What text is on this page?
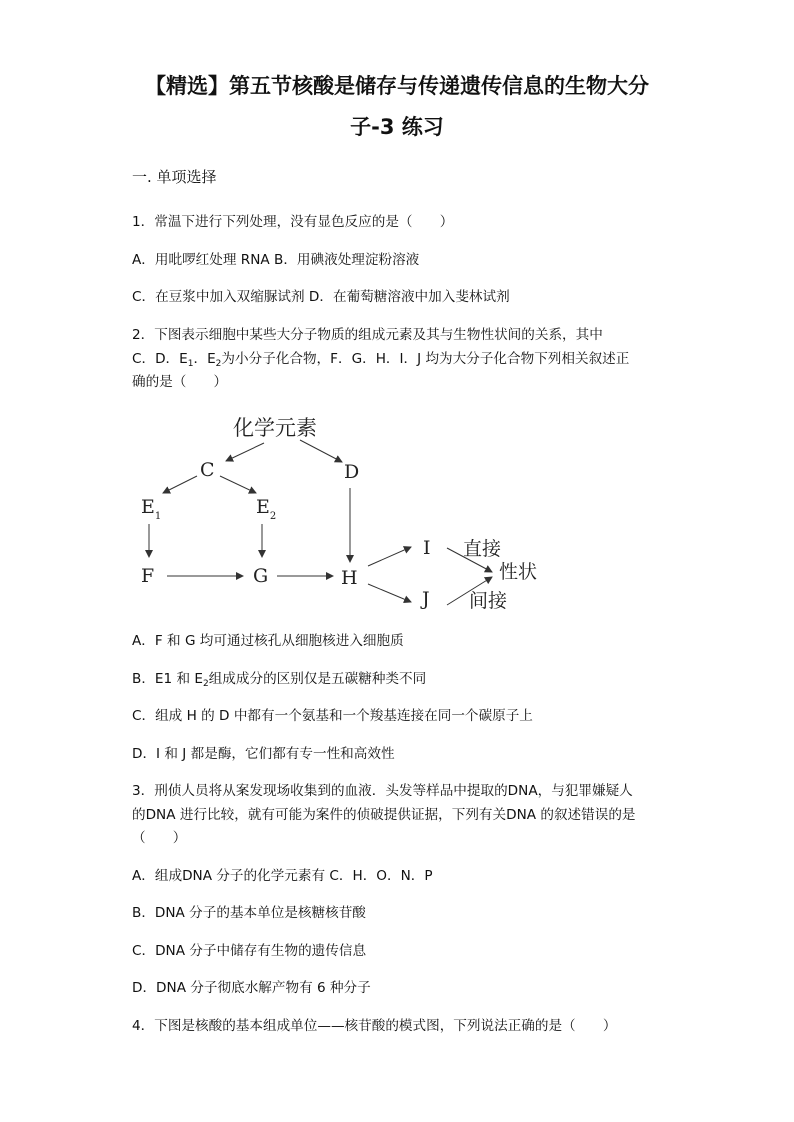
【精选】第五节核酸是储存与传递遗传信息的生物大分
子-3 练习
一. 单项选择
1．常温下进行下列处理，没有显色反应的是（　　）
A．用吡啰红处理 RNA B．用碘液处理淀粉溶液
C．在豆浆中加入双缩脲试剂 D．在葡萄糖溶液中加入斐林试剂
2．下图表示细胞中某些大分子物质的组成元素及其与生物性状间的关系，其中
C．D．$E_1$．$E_2$为小分子化合物，F．G．H．I．J 均为大分子化合物下列相关叙述正
确的是（　　）
化学元素
C	D
$E_1$	$E_2$
F	G	H
I
J
直接
间接
性状
A．F 和 G 均可通过核孔从细胞核进入细胞质
B．E1 和 $E_2$组成成分的区别仅是五碳糖种类不同
C．组成 H 的 D 中都有一个氨基和一个羧基连接在同一个碳原子上
D．I 和 J 都是酶，它们都有专一性和高效性
3．刑侦人员将从案发现场收集到的血液．头发等样品中提取的DNA，与犯罪嫌疑人
的DNA 进行比较，就有可能为案件的侦破提供证据，下列有关DNA 的叙述错误的是
（　　）
A．组成DNA 分子的化学元素有 C．H．O．N．P
B．DNA 分子的基本单位是核糖核苷酸
C．DNA 分子中储存有生物的遗传信息
D．DNA 分子彻底水解产物有 6 种分子
4．下图是核酸的基本组成单位——核苷酸的模式图，下列说法正确的是（　　）
